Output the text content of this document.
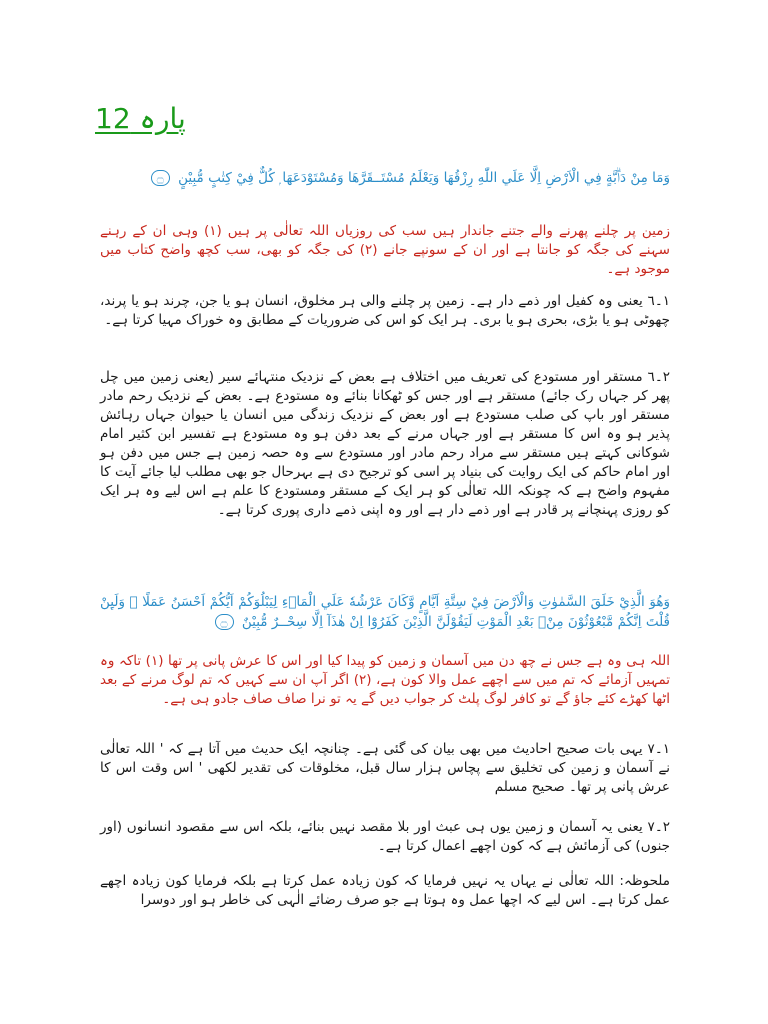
پارہ 12
وَمَا مِنْ دَاۗبَّةٍ فِي الْاَرْضِ اِلَّا عَلَي اللّٰهِ رِزْقُهَا وَيَعْلَمُ مُسْتَــقَرَّهَا وَمُسْتَوْدَعَهَا ۭ كُلٌّ فِيْ كِتٰبٍ مُّبِيْنٍ ۝
زمین پر چلنے پھرنے والے جتنے جاندار ہیں سب کی روزیاں اللہ تعالٰی پر ہیں (١) وہی ان کے رہنے سہنے کی جگہ کو جانتا ہے اور ان کے سونپے جانے (٢) کی جگہ کو بھی، سب کچھ واضح کتاب میں موجود ہے۔
١۔٦ یعنی وہ کفیل اور ذمے دار ہے۔ زمین پر چلنے والی ہر مخلوق، انسان ہو یا جن، چرند ہو یا پرند، چھوٹی ہو یا بڑی، بحری ہو یا بری۔ ہر ایک کو اس کی ضروریات کے مطابق وہ خوراک مہیا کرتا ہے۔
٢۔٦ مستقر اور مستودع کی تعریف میں اختلاف ہے بعض کے نزدیک منتہائے سیر (یعنی زمین میں چل پھر کر جہاں رک جائے) مستقر ہے اور جس کو ٹھکانا بنائے وہ مستودع ہے۔ بعض کے نزدیک رحم مادر مستقر اور باپ کی صلب مستودع ہے اور بعض کے نزدیک زندگی میں انسان یا حیوان جہاں رہائش پذیر ہو وہ اس کا مستقر ہے اور جہاں مرنے کے بعد دفن ہو وہ مستودع ہے تفسیر ابن کثیر امام شوکانی کہتے ہیں مستقر سے مراد رحم مادر اور مستودع سے وہ حصہ زمین ہے جس میں دفن ہو اور امام حاکم کی ایک روایت کی بنیاد پر اسی کو ترجیح دی ہے بہرحال جو بھی مطلب لیا جائے آیت کا مفہوم واضح ہے کہ چونکہ اللہ تعالٰی کو ہر ایک کے مستقر ومستودع کا علم ہے اس لیے وہ ہر ایک کو روزی پہنچانے پر قادر ہے اور ذمے دار ہے اور وہ اپنی ذمے داری پوری کرتا ہے۔
وَهُوَ الَّذِيْ خَلَقَ السَّمٰوٰتِ وَالْاَرْضَ فِيْ سِتَّةِ اَيَّامٍ وَّكَانَ عَرْشُهٗ عَلَي الْمَاۗءِ لِيَبْلُوَكُمْ اَيُّكُمْ اَحْسَنُ عَمَلًا ۭ وَلَىِٕنْ قُلْتَ اِنَّكُمْ مَّبْعُوْثُوْنَ مِنْۢ بَعْدِ الْمَوْتِ لَيَقُوْلَنَّ الَّذِيْنَ كَفَرُوْٓا اِنْ هٰذَآ اِلَّا سِحْــرٌ مُّبِيْنٌ ۝
اللہ ہی وہ ہے جس نے چھ دن میں آسمان و زمین کو پیدا کیا اور اس کا عرش پانی پر تھا (١) تاکہ وہ تمہیں آزمائے کہ تم میں سے اچھے عمل والا کون ہے، (٢) اگر آپ ان سے کہیں کہ تم لوگ مرنے کے بعد اٹھا کھڑے کئے جاؤ گے تو کافر لوگ پلٹ کر جواب دیں گے یہ تو نرا صاف صاف جادو ہی ہے۔
١۔٧ یہی بات صحیح احادیث میں بھی بیان کی گئی ہے۔ چنانچہ ایک حدیث میں آتا ہے کہ ' اللہ تعالٰی نے آسمان و زمین کی تخلیق سے پچاس ہزار سال قبل، مخلوقات کی تقدیر لکھی ' اس وقت اس کا عرش پانی پر تھا۔ صحیح مسلم
٢۔٧ یعنی یہ آسمان و زمین یوں ہی عبث اور بلا مقصد نہیں بنائے، بلکہ اس سے مقصود انسانوں (اور جنوں) کی آزمائش ہے کہ کون اچھے اعمال کرتا ہے۔
ملحوظہ: اللہ تعالٰی نے یہاں یہ نہیں فرمایا کہ کون زیادہ عمل کرتا ہے بلکہ فرمایا کون زیادہ اچھے عمل کرتا ہے۔ اس لیے کہ اچھا عمل وہ ہوتا ہے جو صرف رضائے الٰہی کی خاطر ہو اور دوسرا
